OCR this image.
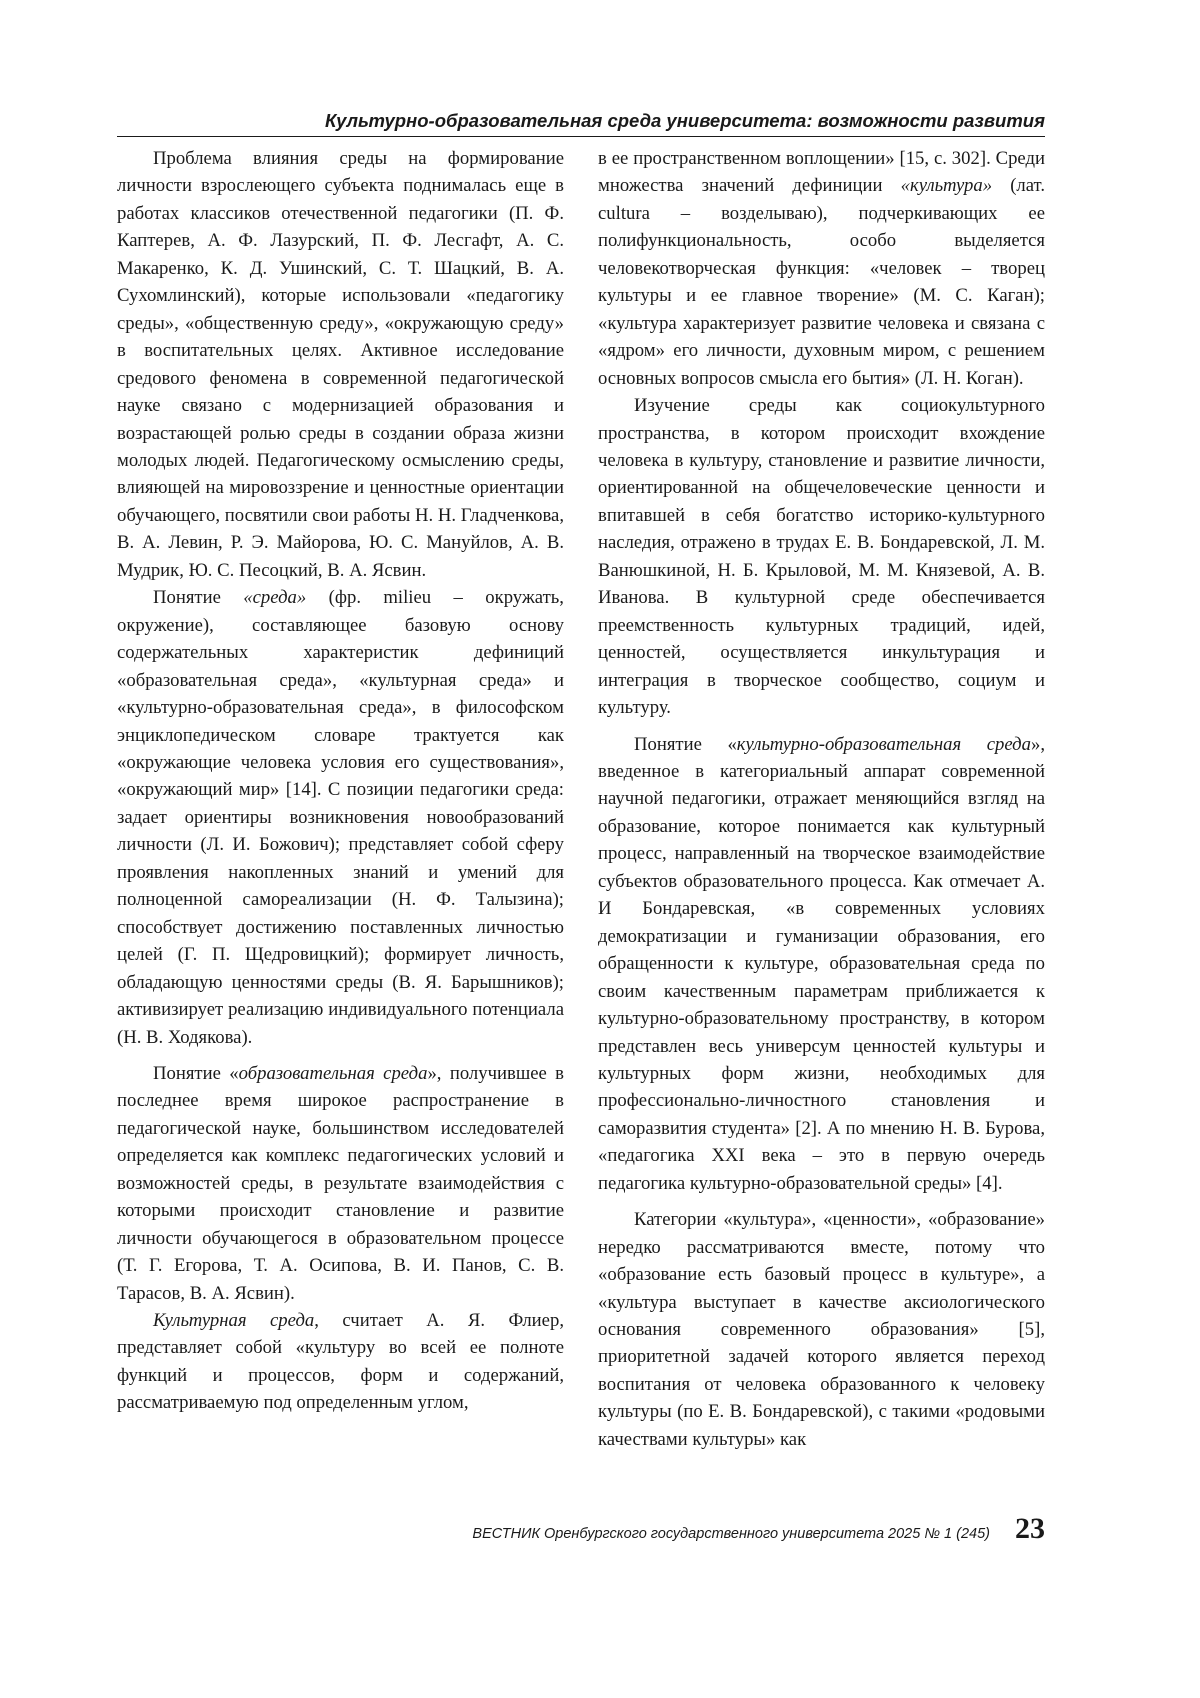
Культурно-образовательная среда университета: возможности развития

Проблема влияния среды на формирование личности взрослеющего субъекта поднималась еще в работах классиков отечественной педагогики (П. Ф. Каптерев, А. Ф. Лазурский, П. Ф. Лесгафт, А. С. Макаренко, К. Д. Ушинский, С. Т. Шацкий, В. А. Сухомлинский), которые использовали «педагогику среды», «общественную среду», «окружающую среду» в воспитательных целях. Активное исследование средового феномена в современной педагогической науке связано с модернизацией образования и возрастающей ролью среды в создании образа жизни молодых людей. Педагогическому осмыслению среды, влияющей на мировоззрение и ценностные ориентации обучающего, посвятили свои работы Н. Н. Гладченкова, В. А. Левин, Р. Э. Майорова, Ю. С. Мануйлов, А. В. Мудрик, Ю. С. Песоцкий, В. А. Ясвин.

Понятие «среда» (фр. milieu – окружать, окружение), составляющее базовую основу содержательных характеристик дефиниций «образовательная среда», «культурная среда» и «культурно-образовательная среда», в философском энциклопедическом словаре трактуется как «окружающие человека условия его существования», «окружающий мир» [14]. С позиции педагогики среда: задает ориентиры возникновения новообразований личности (Л. И. Божович); представляет собой сферу проявления накопленных знаний и умений для полноценной самореализации (Н. Ф. Талызина); способствует достижению поставленных личностью целей (Г. П. Щедровицкий); формирует личность, обладающую ценностями среды (В. Я. Барышников); активизирует реализацию индивидуального потенциала (Н. В. Ходякова).

Понятие «образовательная среда», получившее в последнее время широкое распространение в педагогической науке, большинством исследователей определяется как комплекс педагогических условий и возможностей среды, в результате взаимодействия с которыми происходит становление и развитие личности обучающегося в образовательном процессе (Т. Г. Егорова, Т. А. Осипова, В. И. Панов, С. В. Тарасов, В. А. Ясвин).

Культурная среда, считает А. Я. Флиер, представляет собой «культуру во всей ее полноте функций и процессов, форм и содержаний, рассматриваемую под определенным углом,

в ее пространственном воплощении» [15, с. 302]. Среди множества значений дефиниции «культура» (лат. cultura – возделываю), подчеркивающих ее полифункциональность, особо выделяется человекотворческая функция: «человек – творец культуры и ее главное творение» (М. С. Каган); «культура характеризует развитие человека и связана с «ядром» его личности, духовным миром, с решением основных вопросов смысла его бытия» (Л. Н. Коган).

Изучение среды как социокультурного пространства, в котором происходит вхождение человека в культуру, становление и развитие личности, ориентированной на общечеловеческие ценности и впитавшей в себя богатство историко-культурного наследия, отражено в трудах Е. В. Бондаревской, Л. М. Ванюшкиной, Н. Б. Крыловой, М. М. Князевой, А. В. Иванова. В культурной среде обеспечивается преемственность культурных традиций, идей, ценностей, осуществляется инкультурация и интеграция в творческое сообщество, социум и культуру.

Понятие «культурно-образовательная среда», введенное в категориальный аппарат современной научной педагогики, отражает меняющийся взгляд на образование, которое понимается как культурный процесс, направленный на творческое взаимодействие субъектов образовательного процесса. Как отмечает А. И Бондаревская, «в современных условиях демократизации и гуманизации образования, его обращенности к культуре, образовательная среда по своим качественным параметрам приближается к культурно-образовательному пространству, в котором представлен весь универсум ценностей культуры и культурных форм жизни, необходимых для профессионально-личностного становления и саморазвития студента» [2]. А по мнению Н. В. Бурова, «педагогика XXI века – это в первую очередь педагогика культурно-образовательной среды» [4].

Категории «культура», «ценности», «образование» нередко рассматриваются вместе, потому что «образование есть базовый процесс в культуре», а «культура выступает в качестве аксиологического основания современного образования» [5], приоритетной задачей которого является переход воспитания от человека образованного к человеку культуры (по Е. В. Бондаревской), с такими «родовыми качествами культуры» как

ВЕСТНИК Оренбургского государственного университета 2025 № 1 (245) 23
